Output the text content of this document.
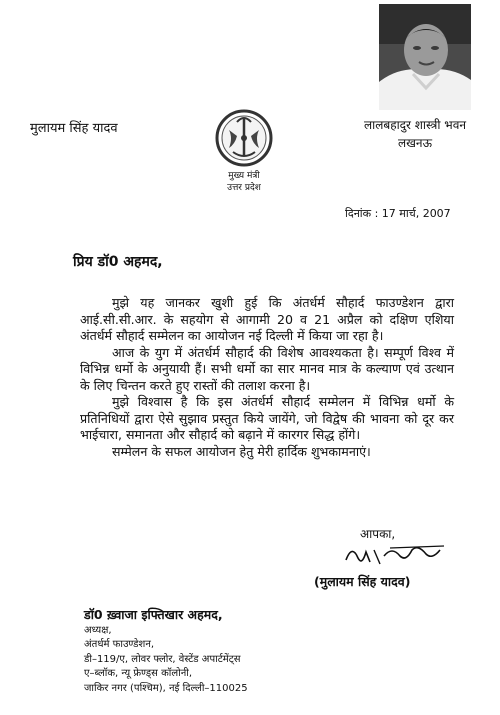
मुलायम सिंह यादव
मुख्य मंत्री
उत्तर प्रदेश
लालबहादुर शास्त्री भवन
लखनऊ
दिनांक : 17 मार्च, 2007
प्रिय डॉ0 अहमद,

मुझे यह जानकर खुशी हुई कि अंतर्धर्म सौहार्द फाउण्डेशन द्वारा आई.सी.सी.आर. के सहयोग से आगामी 20 व 21 अप्रैल को दक्षिण एशिया अंतर्धर्म सौहार्द सम्मेलन का आयोजन नई दिल्ली में किया जा रहा है।

आज के युग में अंतर्धर्म सौहार्द की विशेष आवश्यकता है। सम्पूर्ण विश्व में विभिन्न धर्मो के अनुयायी हैं। सभी धर्मो का सार मानव मात्र के कल्याण एवं उत्थान के लिए चिन्तन करते हुए रास्तों की तलाश करना है।

मुझे विश्वास है कि इस अंतर्धर्म सौहार्द सम्मेलन में विभिन्न धर्मो के प्रतिनिधियों द्वारा ऐसे सुझाव प्रस्तुत किये जायेंगे, जो विद्वेष की भावना को दूर कर भाईचारा, समानता और सौहार्द को बढ़ाने में कारगर सिद्ध होंगे।

सम्मेलन के सफल आयोजन हेतु मेरी हार्दिक शुभकामनाएं।

आपका,
(मुलायम सिंह यादव)
डॉ0 ख़्वाजा इफ्तिखार अहमद,
अध्यक्ष,
अंतर्धर्म फाउण्डेशन,
डी–119/ए, लोवर फ्लोर, वेस्टेंड अपार्टमेंट्स
ए–ब्लॉक, न्यू फ्रेण्ड्स कॉलोनी,
जाकिर नगर (पश्चिम), नई दिल्ली–110025
